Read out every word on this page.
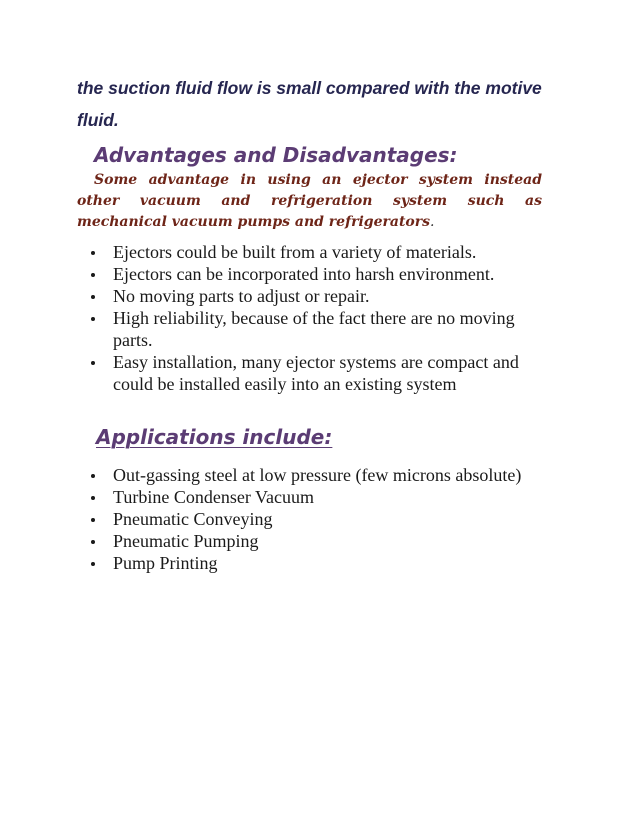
the suction fluid flow is small compared with the motive fluid.

Advantages and Disadvantages:

Some advantage in using an ejector system instead other vacuum and refrigeration system such as mechanical vacuum pumps and refrigerators.

Ejectors could be built from a variety of materials.
Ejectors can be incorporated into harsh environment.
No moving parts to adjust or repair.
High reliability, because of the fact there are no moving parts.
Easy installation, many ejector systems are compact and could be installed easily into an existing system
Applications include:
Out-gassing steel at low pressure (few microns absolute)
Turbine Condenser Vacuum
Pneumatic Conveying
Pneumatic Pumping
Pump Printing
